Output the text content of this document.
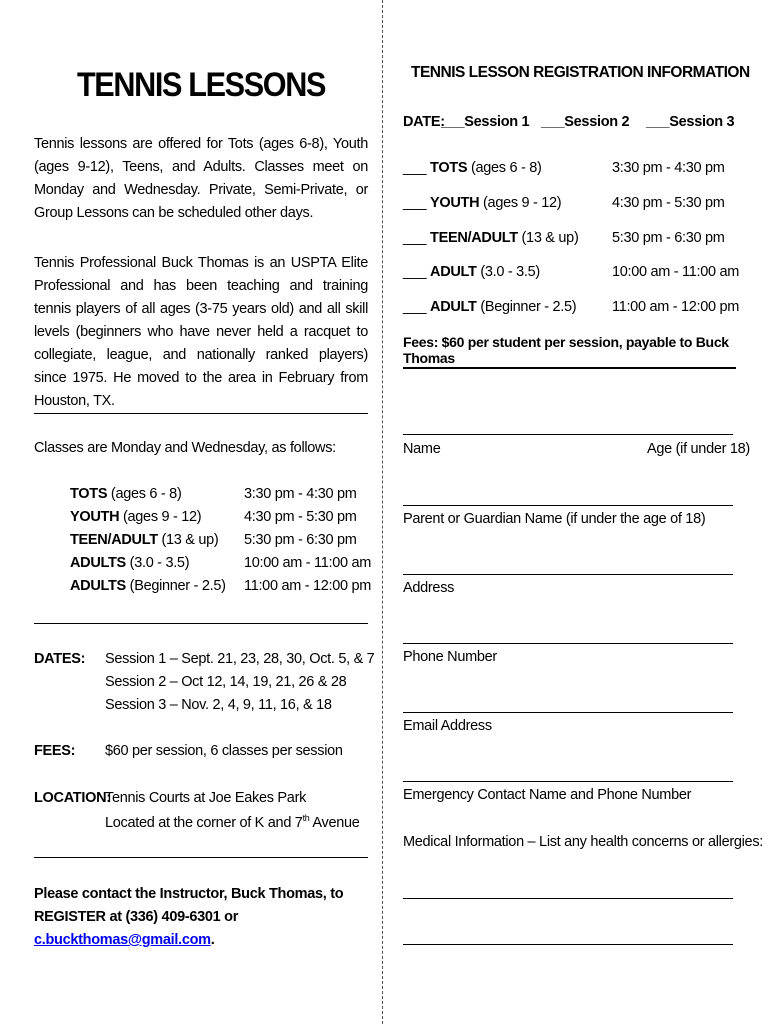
TENNIS LESSONS
Tennis lessons are offered for Tots (ages 6-8), Youth (ages 9-12), Teens, and Adults. Classes meet on Monday and Wednesday. Private, Semi-Private, or Group Lessons can be scheduled other days.
Tennis Professional Buck Thomas is an USPTA Elite Professional and has been teaching and training tennis players of all ages (3-75 years old) and all skill levels (beginners who have never held a racquet to collegiate, league, and nationally ranked players) since 1975. He moved to the area in February from Houston, TX.
Classes are Monday and Wednesday, as follows:
TOTS (ages 6 - 8)	3:30 pm - 4:30 pm
YOUTH (ages 9 - 12)	4:30 pm - 5:30 pm
TEEN/ADULT (13 & up) 5:30 pm - 6:30 pm
ADULTS (3.0 - 3.5)	10:00 am - 11:00 am
ADULTS (Beginner - 2.5) 11:00 am - 12:00 pm
DATES: Session 1 – Sept. 21, 23, 28, 30, Oct. 5, & 7
Session 2 – Oct 12, 14, 19, 21, 26 & 28
Session 3 – Nov. 2, 4, 9, 11, 16, & 18
FEES: $60 per session, 6 classes per session
LOCATION:
Tennis Courts at Joe Eakes Park
Located at the corner of K and 7th Avenue
Please contact the Instructor, Buck Thomas, to REGISTER at (336) 409-6301 or c.buckthomas@gmail.com.
TENNIS LESSON REGISTRATION INFORMATION
DATE:
___Session 1 ___Session 2 ___Session 3
___ TOTS (ages 6 - 8)	3:30 pm - 4:30 pm
___ YOUTH (ages 9 - 12)	4:30 pm - 5:30 pm
___ TEEN/ADULT (13 & up) 5:30 pm - 6:30 pm
___ ADULT (3.0 - 3.5)	10:00 am - 11:00 am
___ ADULT (Beginner - 2.5) 11:00 am - 12:00 pm
Fees: $60 per student per session, payable to Buck Thomas
Name	Age (if under 18)
Parent or Guardian Name (if under the age of 18)
Address
Phone Number
Email Address
Emergency Contact Name and Phone Number
Medical Information – List any health concerns or allergies:
